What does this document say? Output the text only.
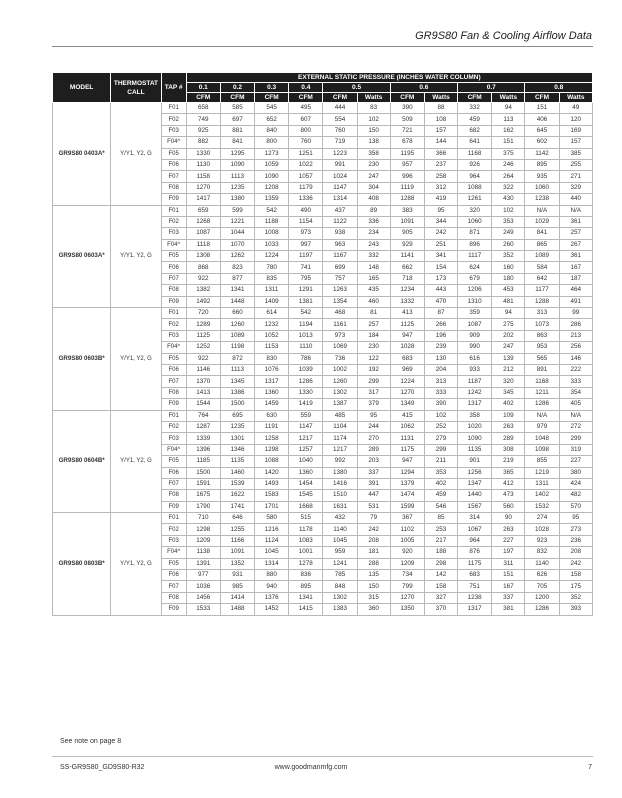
GR9S80 Fan & Cooling Airflow Data
MODEL	THERMOSTAT CALL	TAP #	EXTERNAL STATIC PRESSURE (INCHES WATER COLUMN)											
			0.1	0.2	0.3	0.4	0.5		0.6		0.7		0.8	
			CFM	CFM	CFM	CFM	CFM	Watts	CFM	Watts	CFM	Watts	CFM	Watts
GR9S80 0403A*	Y/Y1, Y2, G	F01	658	585	545	495	444	83	390	88	332	94	151	49
		F02	749	697	652	607	554	102	509	108	459	113	406	120
		F03	925	881	840	800	760	150	721	157	682	162	645	169
		F04^	882	841	800	760	719	138	678	144	641	151	602	157
		F05	1330	1295	1273	1251	1223	358	1195	366	1168	375	1142	385
		F06	1130	1090	1059	1022	991	230	957	237	926	246	895	255
		F07	1158	1113	1090	1057	1024	247	996	258	964	264	935	271
		F08	1270	1235	1208	1179	1147	304	1119	312	1088	322	1060	329
		F09	1417	1380	1359	1336	1314	408	1288	419	1261	430	1238	440
GR9S80 0603A*	Y/Y1, Y2, G	F01	659	599	542	490	437	89	383	95	320	102	N/A	N/A
		F02	1268	1221	1188	1154	1122	336	1091	344	1060	353	1029	361
		F03	1087	1044	1008	973	938	234	905	242	871	249	841	257
		F04^	1118	1070	1033	997	963	243	929	251	896	260	865	267
		F05	1308	1262	1224	1197	1167	332	1141	341	1117	352	1089	361
		F06	868	823	780	741	699	148	662	154	624	160	584	167
		F07	922	877	835	795	757	165	718	173	679	180	642	187
		F08	1382	1341	1311	1291	1263	435	1234	443	1206	453	1177	464
		F09	1492	1448	1409	1381	1354	460	1332	470	1310	481	1288	491
GR9S80 0603B*	Y/Y1, Y2, G	F01	720	660	614	542	468	81	413	87	359	94	313	99
		F02	1289	1260	1232	1194	1161	257	1125	266	1087	275	1073	286
		F03	1125	1089	1052	1013	973	184	947	196	909	202	863	213
		F04^	1252	1198	1153	1110	1069	230	1028	239	990	247	953	256
		F05	922	872	830	786	736	122	683	130	616	139	565	146
		F06	1146	1113	1076	1039	1002	192	969	204	933	212	891	222
		F07	1370	1345	1317	1286	1260	299	1224	313	1187	320	1168	333
		F08	1413	1386	1360	1330	1302	317	1270	333	1242	345	1211	354
		F09	1544	1500	1459	1419	1387	379	1349	390	1317	402	1286	405
GR9S80 0604B*	Y/Y1, Y2, G	F01	764	695	630	559	485	95	415	102	358	109	N/A	N/A
		F02	1287	1235	1191	1147	1104	244	1062	252	1020	263	979	272
		F03	1339	1301	1258	1217	1174	270	1131	279	1090	289	1048	299
		F04^	1396	1346	1298	1257	1217	289	1175	299	1135	308	1098	319
		F05	1185	1135	1088	1040	992	203	947	211	901	219	855	227
		F06	1500	1460	1420	1360	1380	337	1294	353	1256	365	1219	380
		F07	1591	1539	1493	1454	1416	391	1379	402	1347	412	1311	424
		F08	1675	1622	1583	1545	1510	447	1474	459	1440	473	1402	482
		F09	1790	1741	1701	1668	1631	531	1599	546	1567	560	1532	570
GR9S80 0803B*	Y/Y1, Y2, G	F01	710	646	580	515	432	79	367	85	314	90	274	95
		F02	1298	1255	1216	1178	1140	242	1102	253	1067	263	1028	273
		F03	1209	1166	1124	1083	1045	208	1005	217	964	227	923	236
		F04^	1138	1091	1045	1001	959	181	920	188	876	197	832	208
		F05	1391	1352	1314	1278	1241	288	1209	298	1175	311	1140	242
		F06	977	931	880	836	785	135	734	142	683	151	626	158
		F07	1036	985	940	895	848	150	799	158	751	167	705	175
		F08	1456	1414	1376	1341	1302	315	1270	327	1238	337	1200	352
		F09	1533	1488	1452	1415	1383	360	1350	370	1317	381	1286	393
See note on page 8
SS-GR9S80_GD9S80-R32	www.goodmanmfg.com	7
